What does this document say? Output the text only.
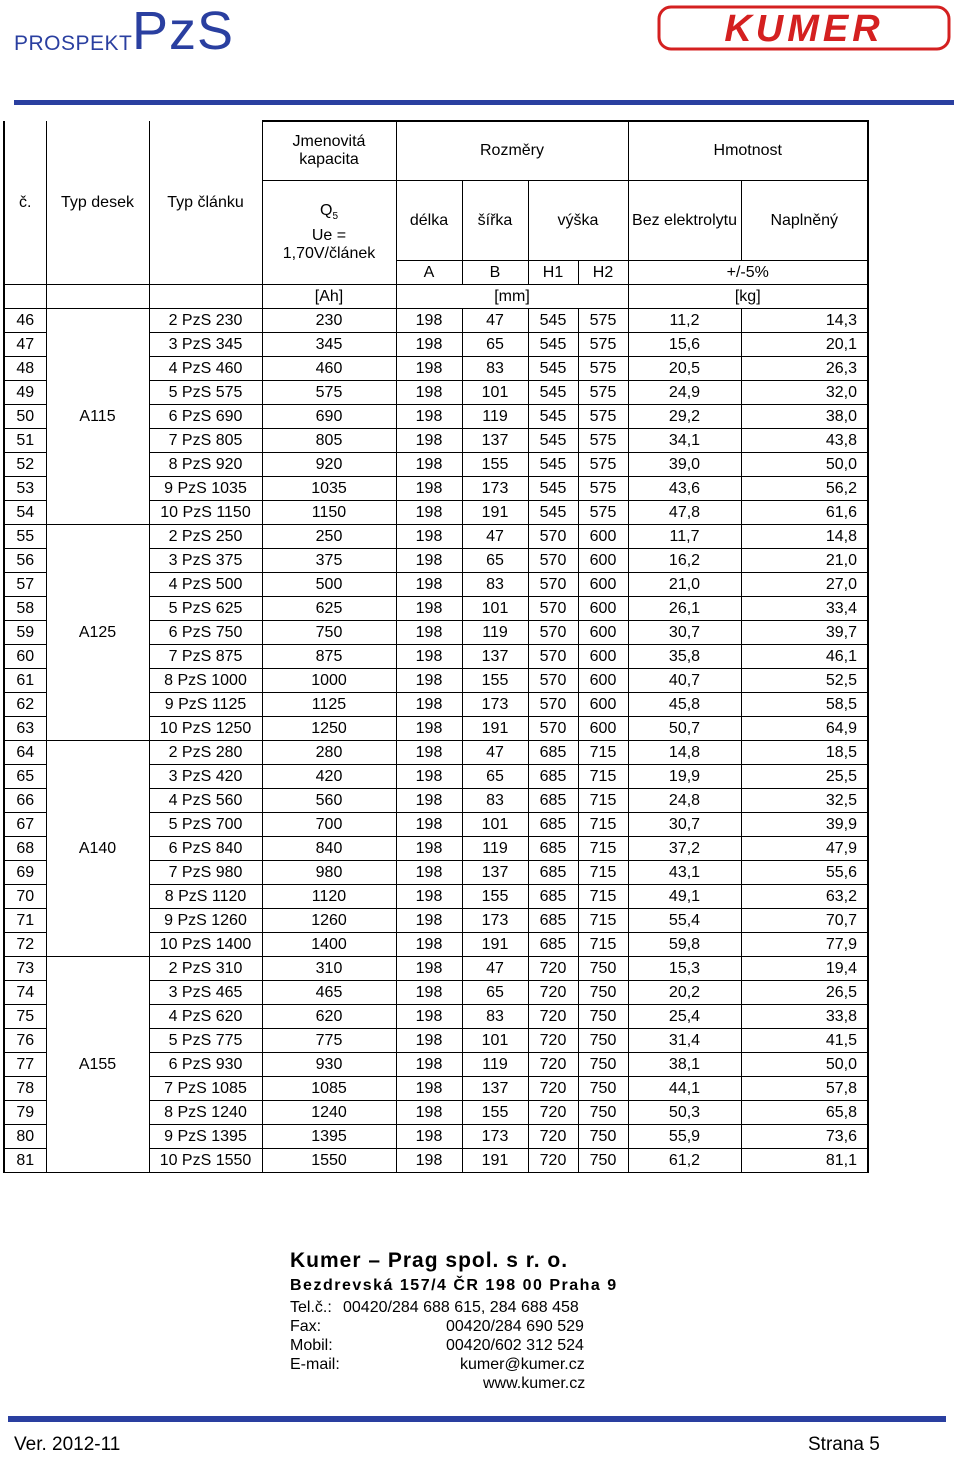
PROSPEKT PzS	KUMER
č.	Typ desek	Typ článku	Jmenovitá kapacita	Rozměry				Hmotnost	

			$Q_5$
Ue =
1,70V/článek	délka	šířka	výška		Bez elektrolytu	Naplněný
				A	B	H1	H2	+/-5%	
			[Ah]	[mm]				[kg]	
46	A115	2 PzS 230	230	198	47	545	575	11,2	14,3
47		3 PzS 345	345	198	65	545	575	15,6	20,1
48		4 PzS 460	460	198	83	545	575	20,5	26,3
49		5 PzS 575	575	198	101	545	575	24,9	32,0
50		6 PzS 690	690	198	119	545	575	29,2	38,0
51		7 PzS 805	805	198	137	545	575	34,1	43,8
52		8 PzS 920	920	198	155	545	575	39,0	50,0
53		9 PzS 1035	1035	198	173	545	575	43,6	56,2
54		10 PzS 1150	1150	198	191	545	575	47,8	61,6
55	A125	2 PzS 250	250	198	47	570	600	11,7	14,8
56		3 PzS 375	375	198	65	570	600	16,2	21,0
57		4 PzS 500	500	198	83	570	600	21,0	27,0
58		5 PzS 625	625	198	101	570	600	26,1	33,4
59		6 PzS 750	750	198	119	570	600	30,7	39,7
60		7 PzS 875	875	198	137	570	600	35,8	46,1
61		8 PzS 1000	1000	198	155	570	600	40,7	52,5
62		9 PzS 1125	1125	198	173	570	600	45,8	58,5
63		10 PzS 1250	1250	198	191	570	600	50,7	64,9
64	A140	2 PzS 280	280	198	47	685	715	14,8	18,5
65		3 PzS 420	420	198	65	685	715	19,9	25,5
66		4 PzS 560	560	198	83	685	715	24,8	32,5
67		5 PzS 700	700	198	101	685	715	30,7	39,9
68		6 PzS 840	840	198	119	685	715	37,2	47,9
69		7 PzS 980	980	198	137	685	715	43,1	55,6
70		8 PzS 1120	1120	198	155	685	715	49,1	63,2
71		9 PzS 1260	1260	198	173	685	715	55,4	70,7
72		10 PzS 1400	1400	198	191	685	715	59,8	77,9
73	A155	2 PzS 310	310	198	47	720	750	15,3	19,4
74		3 PzS 465	465	198	65	720	750	20,2	26,5
75		4 PzS 620	620	198	83	720	750	25,4	33,8
76		5 PzS 775	775	198	101	720	750	31,4	41,5
77		6 PzS 930	930	198	119	720	750	38,1	50,0
78		7 PzS 1085	1085	198	137	720	750	44,1	57,8
79		8 PzS 1240	1240	198	155	720	750	50,3	65,8
80		9 PzS 1395	1395	198	173	720	750	55,9	73,6
81		10 PzS 1550	1550	198	191	720	750	61,2	81,1

Kumer – Prag spol. s r. o.

Bezdrevská 157/4 ČR 198 00 Praha 9

Tel.č.: 00420/284 688 615, 284 688 458
Fax:	00420/284 690 529
Mobil:	00420/602 312 524
E-mail:	kumer@kumer.cz
www.kumer.cz
Ver. 2012-11	Strana 5
